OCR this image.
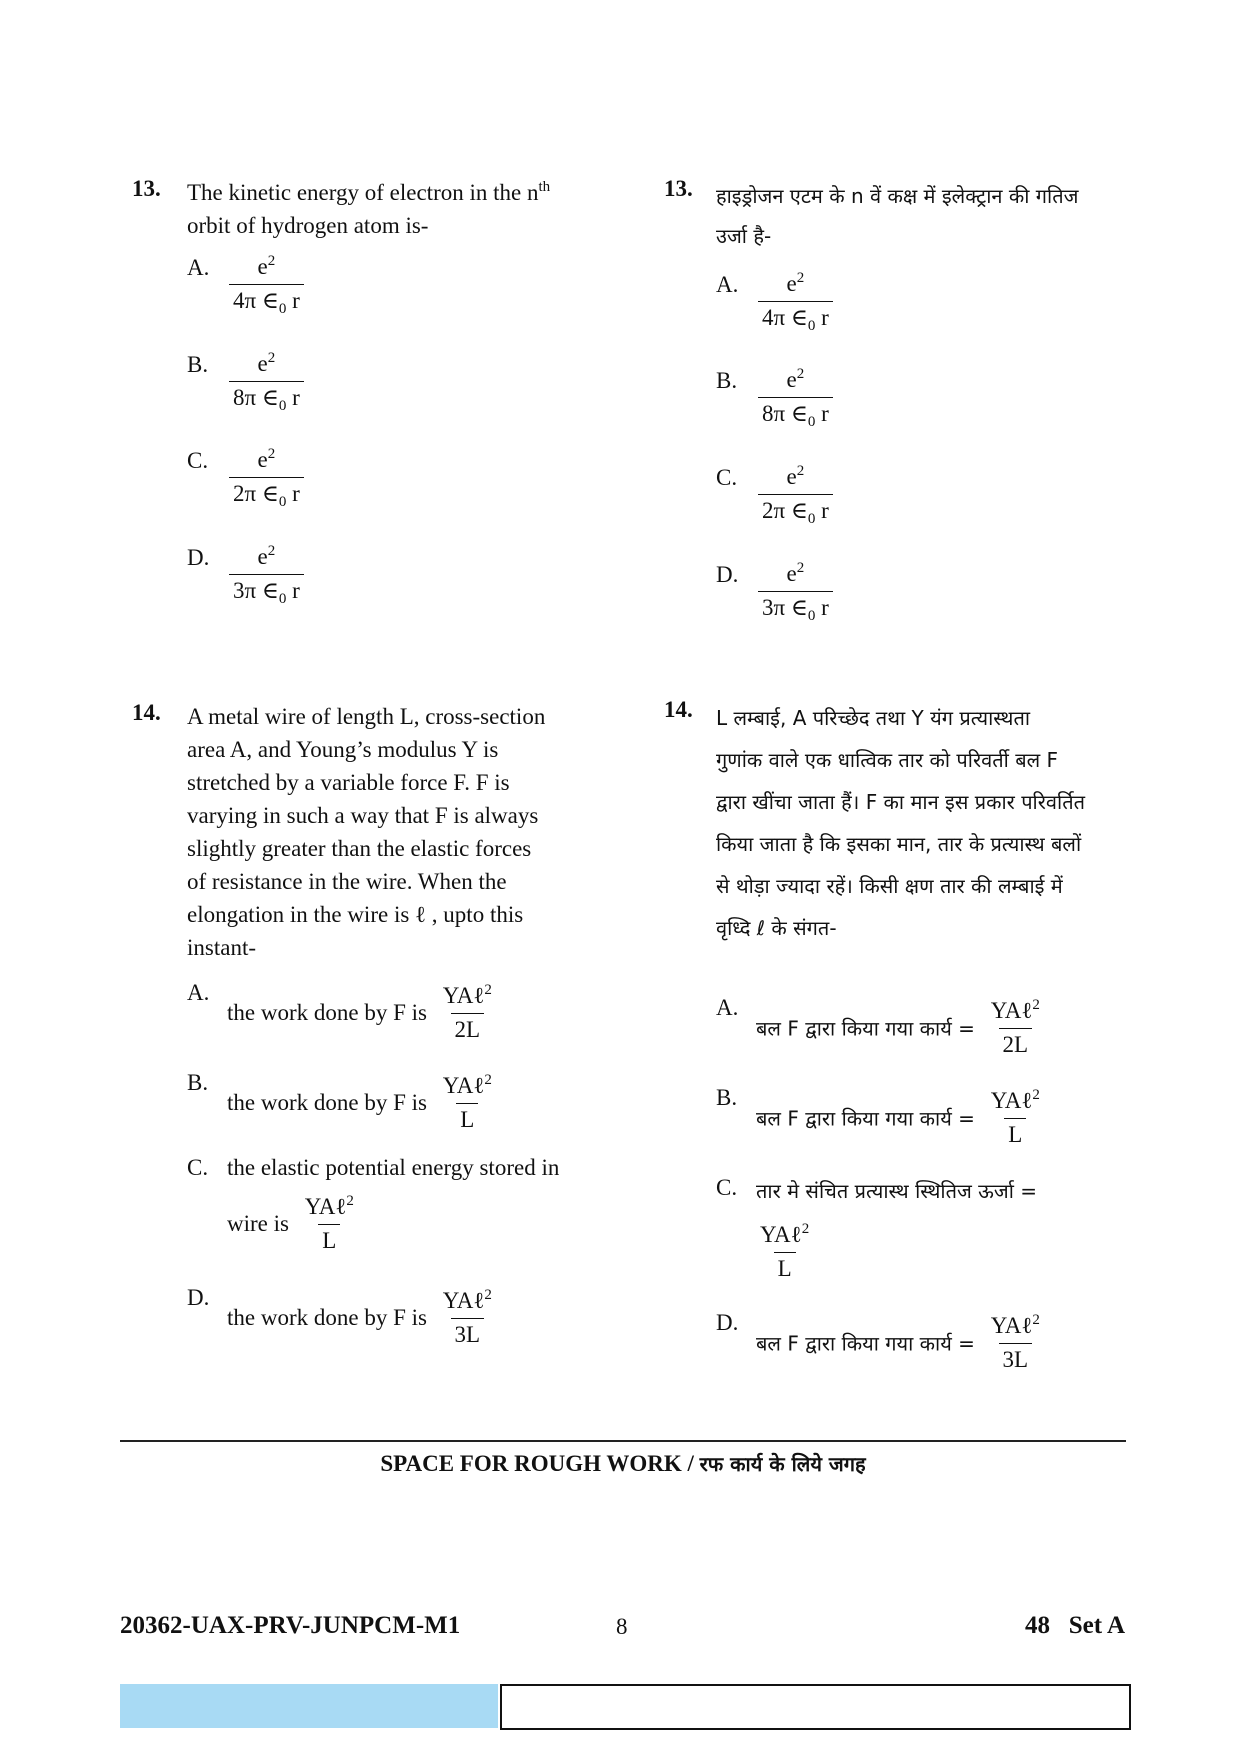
13. The kinetic energy of electron in the $n^{th}$
orbit of hydrogen atom is-
A. $\frac{e^2}{4\pi \in_0 r}$
B. $\frac{e^2}{8\pi \in_0 r}$
C. $\frac{e^2}{2\pi \in_0 r}$
D. $\frac{e^2}{3\pi \in_0 r}$
14. A metal wire of length L, cross-section
area A, and Young’s modulus Y is
stretched by a variable force F. F is
varying in such a way that F is always
slightly greater than the elastic forces
of resistance in the wire. When the
elongation in the wire is ℓ , upto this
instant-
A.
the work done by F is $\frac{YA\ell^2}{2L}$
B.
the work done by F is $\frac{YA\ell^2}{L}$
C. the elastic potential energy stored in
wire is $\frac{YA\ell^2}{L}$
D.
the work done by F is $\frac{YA\ell^2}{3L}$
13. हाइड्रोजन एटम के n वें कक्ष में इलेक्ट्रान की गतिज
उर्जा है-
A. $\frac{e^2}{4\pi \in_0 r}$
B. $\frac{e^2}{8\pi \in_0 r}$
C. $\frac{e^2}{2\pi \in_0 r}$
D. $\frac{e^2}{3\pi \in_0 r}$
14. L लम्बाई, A परिच्छेद तथा Y यंग प्रत्यास्थता
गुणांक वाले एक धात्विक तार को परिवर्ती बल F
द्वारा खींचा जाता हैं। F का मान इस प्रकार परिवर्तित
किया जाता है कि इसका मान, तार के प्रत्यास्थ बलों
से थोड़ा ज्यादा रहें। किसी क्षण तार की लम्बाई में
वृध्दि ℓ के संगत-
A.
बल F द्वारा किया गया कार्य = $\frac{YA\ell^2}{2L}$
B.
बल F द्वारा किया गया कार्य = $\frac{YA\ell^2}{L}$
C. तार मे संचित प्रत्यास्थ स्थितिज ऊर्जा =
YAℓ$^2$
L
D.
बल F द्वारा किया गया कार्य = $\frac{YA\ell^2}{3L}$
SPACE FOR ROUGH WORK / रफ कार्य के लिये जगह
20362-UAX-PRV-JUNPCM-M1	8	48   Set A
